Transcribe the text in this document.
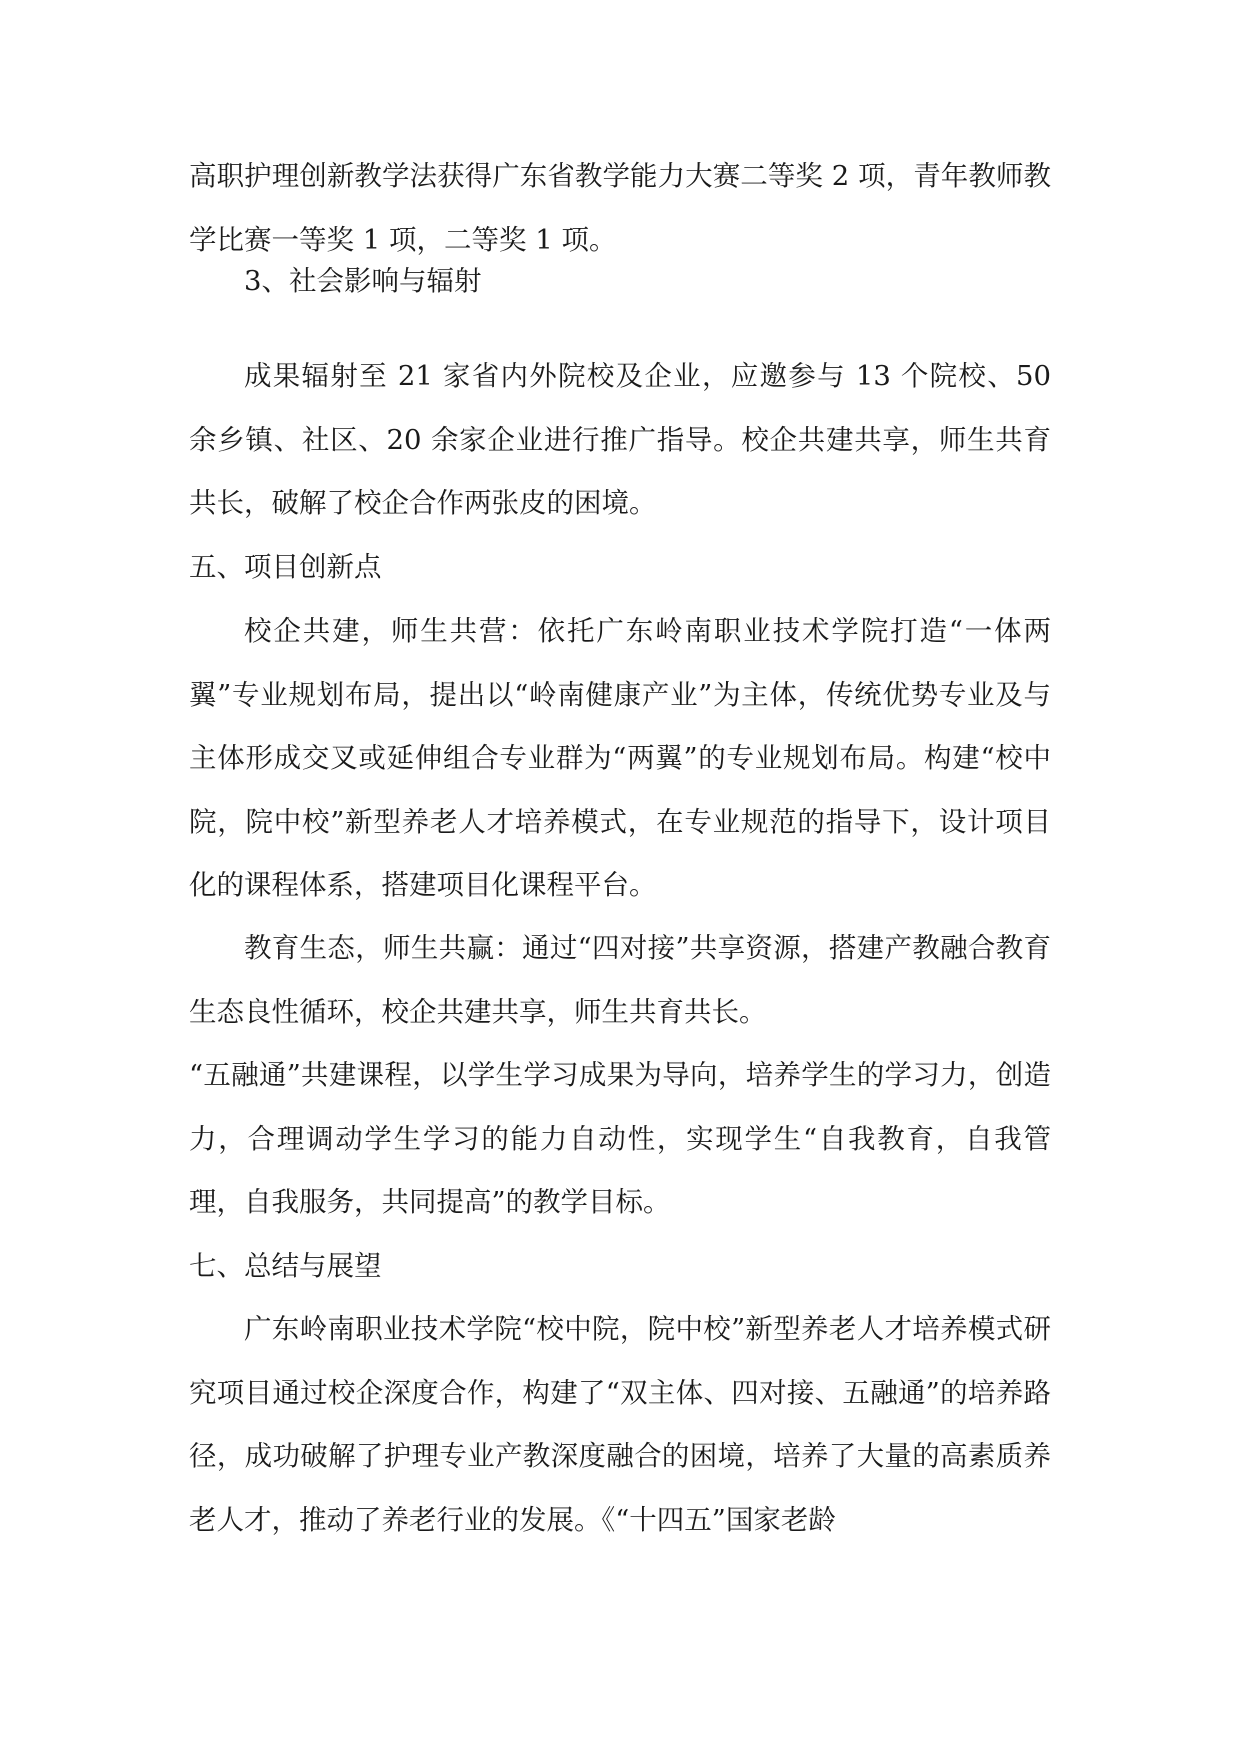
高职护理创新教学法获得广东省教学能力大赛二等奖 2 项，青年教师教学比赛一等奖 1 项，二等奖 1 项。

3、社会影响与辐射

成果辐射至 21 家省内外院校及企业，应邀参与 13 个院校、50 余乡镇、社区、20 余家企业进行推广指导。校企共建共享，师生共育共长，破解了校企合作两张皮的困境。

五、项目创新点

校企共建，师生共营：依托广东岭南职业技术学院打造“一体两翼”专业规划布局，提出以“岭南健康产业”为主体，传统优势专业及与主体形成交叉或延伸组合专业群为“两翼”的专业规划布局。构建“校中院，院中校”新型养老人才培养模式，在专业规范的指导下，设计项目化的课程体系，搭建项目化课程平台。

教育生态，师生共赢：通过“四对接”共享资源，搭建产教融合教育生态良性循环，校企共建共享，师生共育共长。

“五融通”共建课程，以学生学习成果为导向，培养学生的学习力，创造力，合理调动学生学习的能力自动性，实现学生“自我教育，自我管理，自我服务，共同提高”的教学目标。

七、总结与展望

广东岭南职业技术学院“校中院，院中校”新型养老人才培养模式研究项目通过校企深度合作，构建了“双主体、四对接、五融通”的培养路径，成功破解了护理专业产教深度融合的困境，培养了大量的高素质养老人才，推动了养老行业的发展。《“十四五”国家老龄
